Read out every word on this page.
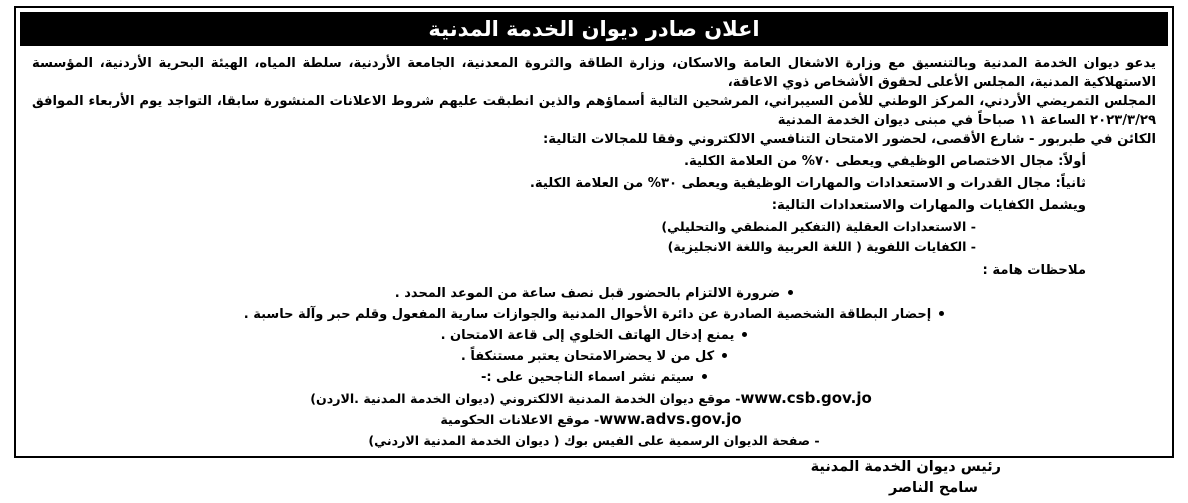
اعلان صادر ديوان الخدمة المدنية
يدعو ديوان الخدمة المدنية وبالتنسيق مع وزارة الاشغال العامة والاسكان، وزارة الطاقة والثروة المعدنية، الجامعة الأردنية، سلطة المياه، الهيئة البحرية الأردنية، المؤسسة الاستهلاكية المدنية، المجلس الأعلى لحقوق الأشخاص ذوي الاعاقة،
المجلس التمريضي الأردني، المركز الوطني للأمن السيبراني، المرشحين التالية أسماؤهم والذين انطبقت عليهم شروط الاعلانات المنشورة سابقا، التواجد يوم الأربعاء الموافق ٢٠٢٣/٣/٢٩ الساعة ١١ صباحاً في مبنى ديوان الخدمة المدنية
الكائن في طبربور - شارع الأقصى، لحضور الامتحان التنافسي الالكتروني وفقا للمجالات التالية:
أولاً: مجال الاختصاص الوظيفي ويعطى ٧٠% من العلامة الكلية.
ثانياً: مجال القدرات و الاستعدادات والمهارات الوظيفية ويعطى ٣٠% من العلامة الكلية.
ويشمل الكفايات والمهارات والاستعدادات التالية:
- الاستعدادات العقلية (التفكير المنطقي والتحليلي)
- الكفايات اللفوية ( اللغة العربية واللغة الانجليزية)
ملاحظات هامة :
ضرورة الالتزام بالحضور قبل نصف ساعة من الموعد المحدد .
إحضار البطاقة الشخصية الصادرة عن دائرة الأحوال المدنية والجوازات سارية المفعول وقلم حبر وآلة حاسبة .
يمنع إدخال الهاتف الخلوي إلى قاعة الامتحان .
كل من لا يحضرالامتحان يعتبر مستنكفاً .
سيتم نشر اسماء الناجحين على :-
www.csb.gov.jo- موقع ديوان الخدمة المدنية الالكتروني (ديوان الخدمة المدنية .الاردن)
www.advs.gov.jo- موقع الاعلانات الحكومية
- صفحة الديوان الرسمية على الفيس بوك ( ديوان الخدمة المدنية الاردني)
رئيس ديوان الخدمة المدنية
سامح الناصر
